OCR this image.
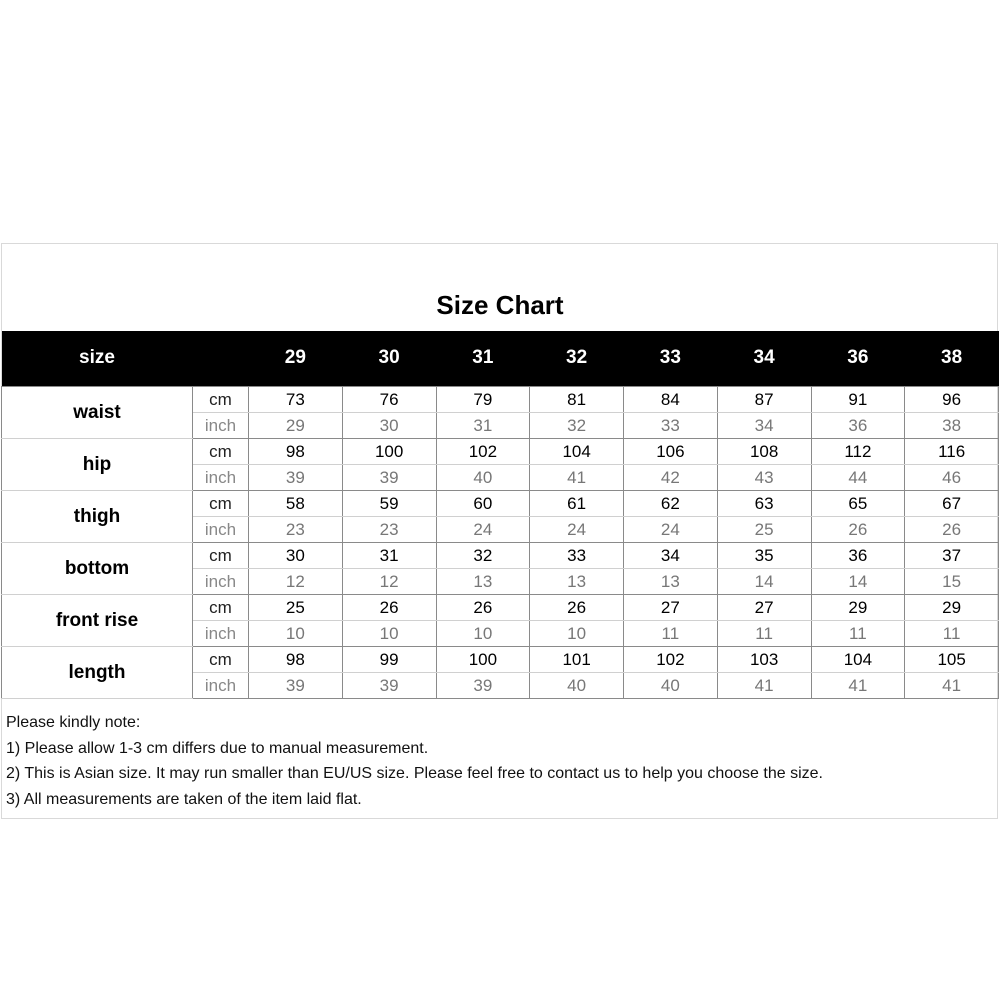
Size Chart
size		29	30	31	32	33	34	36	38
waist	cm	73	76	79	81	84	87	91	96
	inch	29	30	31	32	33	34	36	38
hip	cm	98	100	102	104	106	108	112	116
	inch	39	39	40	41	42	43	44	46
thigh	cm	58	59	60	61	62	63	65	67
	inch	23	23	24	24	24	25	26	26
bottom	cm	30	31	32	33	34	35	36	37
	inch	12	12	13	13	13	14	14	15
front rise	cm	25	26	26	26	27	27	29	29
	inch	10	10	10	10	11	11	11	11
length	cm	98	99	100	101	102	103	104	105
	inch	39	39	39	40	40	41	41	41
Please kindly note:
1) Please allow 1-3 cm differs due to manual measurement.
2) This is Asian size. It may run smaller than EU/US size. Please feel free to contact us to help you choose the size.
3) All measurements are taken of the item laid flat.
